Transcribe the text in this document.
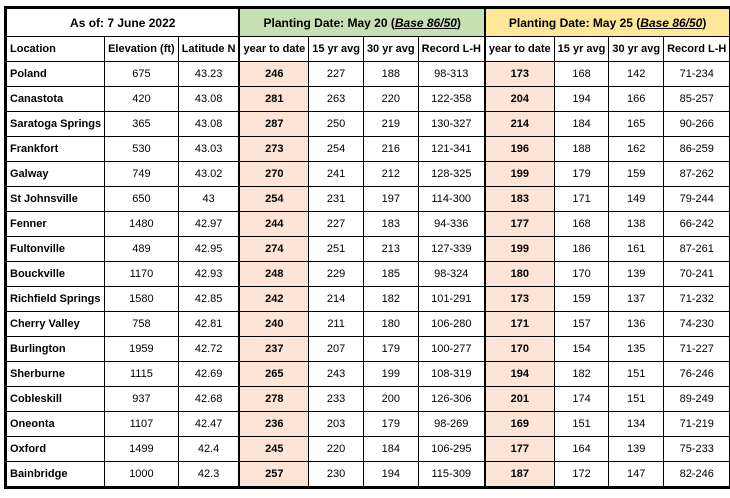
As of: 7 June 2022			Planting Date: May 20 (Base 86/50)				Planting Date: May 25 (Base 86/50)			
Location	Elevation (ft)	Latitude N	year to date	15 yr avg	30 yr avg	Record L-H	year to date	15 yr avg	30 yr avg	Record L-H
Poland	675	43.23	246	227	188	98-313	173	168	142	71-234
Canastota	420	43.08	281	263	220	122-358	204	194	166	85-257
Saratoga Springs	365	43.08	287	250	219	130-327	214	184	165	90-266
Frankfort	530	43.03	273	254	216	121-341	196	188	162	86-259
Galway	749	43.02	270	241	212	128-325	199	179	159	87-262
St Johnsville	650	43	254	231	197	114-300	183	171	149	79-244
Fenner	1480	42.97	244	227	183	94-336	177	168	138	66-242
Fultonville	489	42.95	274	251	213	127-339	199	186	161	87-261
Bouckville	1170	42.93	248	229	185	98-324	180	170	139	70-241
Richfield Springs	1580	42.85	242	214	182	101-291	173	159	137	71-232
Cherry Valley	758	42.81	240	211	180	106-280	171	157	136	74-230
Burlington	1959	42.72	237	207	179	100-277	170	154	135	71-227
Sherburne	1115	42.69	265	243	199	108-319	194	182	151	76-246
Cobleskill	937	42.68	278	233	200	126-306	201	174	151	89-249
Oneonta	1107	42.47	236	203	179	98-269	169	151	134	71-219
Oxford	1499	42.4	245	220	184	106-295	177	164	139	75-233
Bainbridge	1000	42.3	257	230	194	115-309	187	172	147	82-246
